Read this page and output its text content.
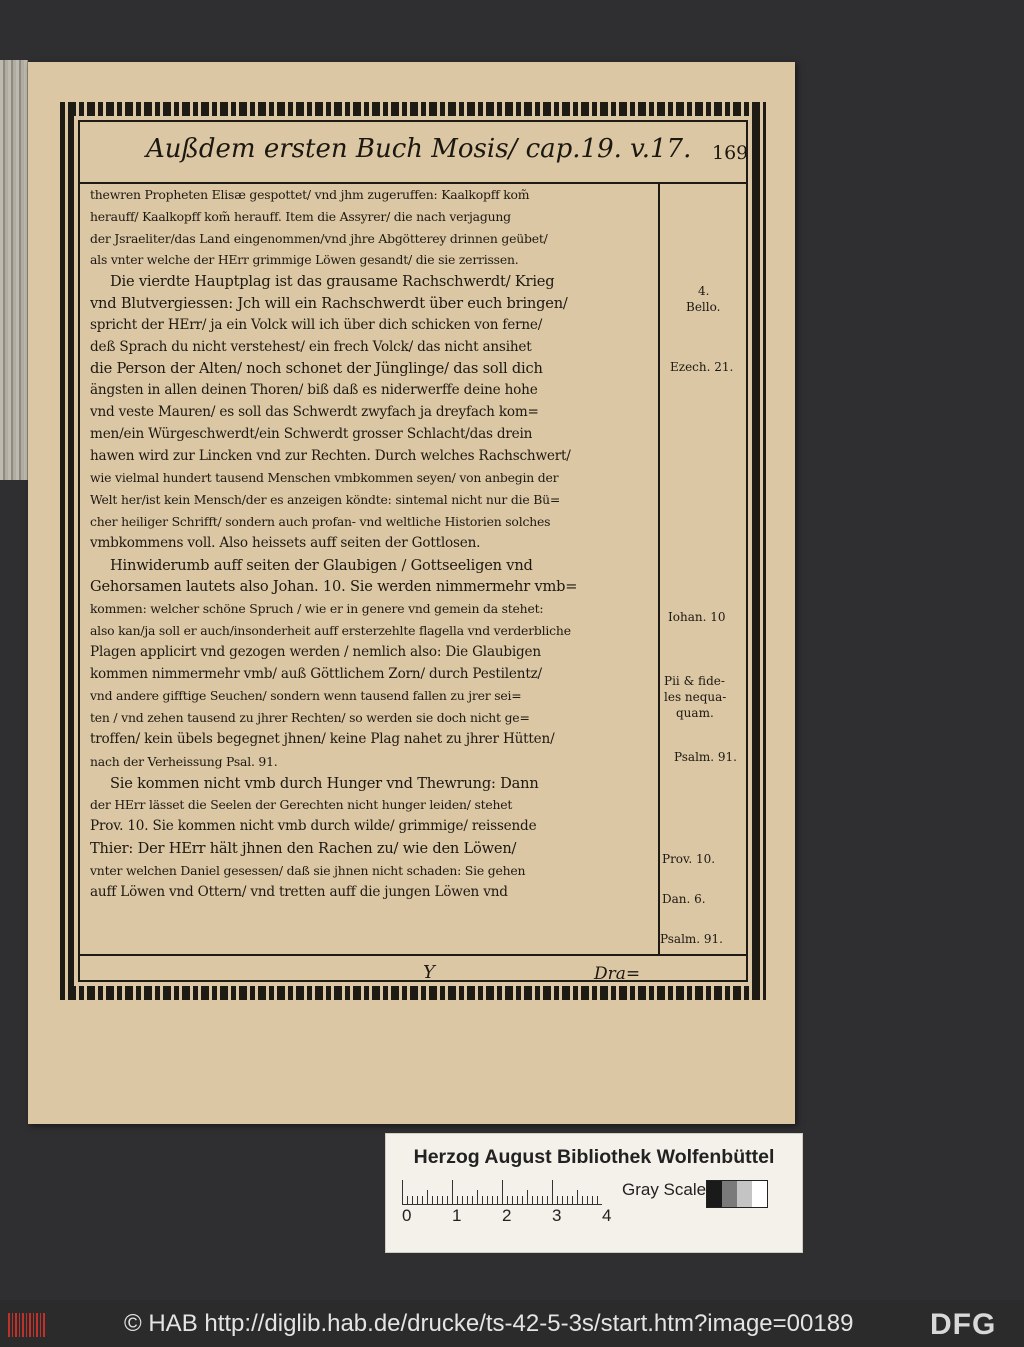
Außdem ersten Buch Mosis/ cap.19. v.17. 169
thewren Propheten Elisæ gespottet/ vnd jhm zugeruffen: Kaalkopff kom̃
herauff/ Kaalkopff kom̃ herauff. Item die Assyrer/ die nach verjagung
der Jsraeliter/das Land eingenommen/vnd jhre Abgötterey drinnen geübet/
als vnter welche der HErr grimmige Löwen gesandt/ die sie zerrissen.
Die vierdte Hauptplag ist das grausame Rachschwerdt/ Krieg
vnd Blutvergiessen: Jch will ein Rachschwerdt über euch bringen/
spricht der HErr/ ja ein Volck will ich über dich schicken von ferne/
deß Sprach du nicht verstehest/ ein frech Volck/ das nicht ansihet
die Person der Alten/ noch schonet der Jünglinge/ das soll dich
ängsten in allen deinen Thoren/ biß daß es niderwerffe deine hohe
vnd veste Mauren/ es soll das Schwerdt zwyfach ja dreyfach kom=
men/ein Würgeschwerdt/ein Schwerdt grosser Schlacht/das drein
hawen wird zur Lincken vnd zur Rechten. Durch welches Rachschwert/
wie vielmal hundert tausend Menschen vmbkommen seyen/ von anbegin der
Welt her/ist kein Mensch/der es anzeigen köndte: sintemal nicht nur die Bü=
cher heiliger Schrifft/ sondern auch profan- vnd weltliche Historien solches
vmbkommens voll. Also heissets auff seiten der Gottlosen.
Hinwiderumb auff seiten der Glaubigen / Gottseeligen vnd
Gehorsamen lautets also Johan. 10. Sie werden nimmermehr vmb=
kommen: welcher schöne Spruch / wie er in genere vnd gemein da stehet:
also kan/ja soll er auch/insonderheit auff ersterzehlte flagella vnd verderbliche
Plagen applicirt vnd gezogen werden / nemlich also: Die Glaubigen
kommen nimmermehr vmb/ auß Göttlichem Zorn/ durch Pestilentz/
vnd andere gifftige Seuchen/ sondern wenn tausend fallen zu jrer sei=
ten / vnd zehen tausend zu jhrer Rechten/ so werden sie doch nicht ge=
troffen/ kein übels begegnet jhnen/ keine Plag nahet zu jhrer Hütten/
nach der Verheissung Psal. 91.
Sie kommen nicht vmb durch Hunger vnd Thewrung: Dann
der HErr lässet die Seelen der Gerechten nicht hunger leiden/ stehet
Prov. 10. Sie kommen nicht vmb durch wilde/ grimmige/ reissende
Thier: Der HErr hält jhnen den Rachen zu/ wie den Löwen/
vnter welchen Daniel gesessen/ daß sie jhnen nicht schaden: Sie gehen
auff Löwen vnd Ottern/ vnd tretten auff die jungen Löwen vnd
4.
Bello.
Ezech. 21.
Iohan. 10
Pii & fide-
les nequa-
quam.
Psalm. 91.
Prov. 10.
Dan. 6.
Psalm. 91.
Y	Dra=
Herzog August Bibliothek Wolfenbüttel
0 1 2 3 4
Gray Scale
© HAB http://diglib.hab.de/drucke/ts-42-5-3s/start.htm?image=00189	DFG
